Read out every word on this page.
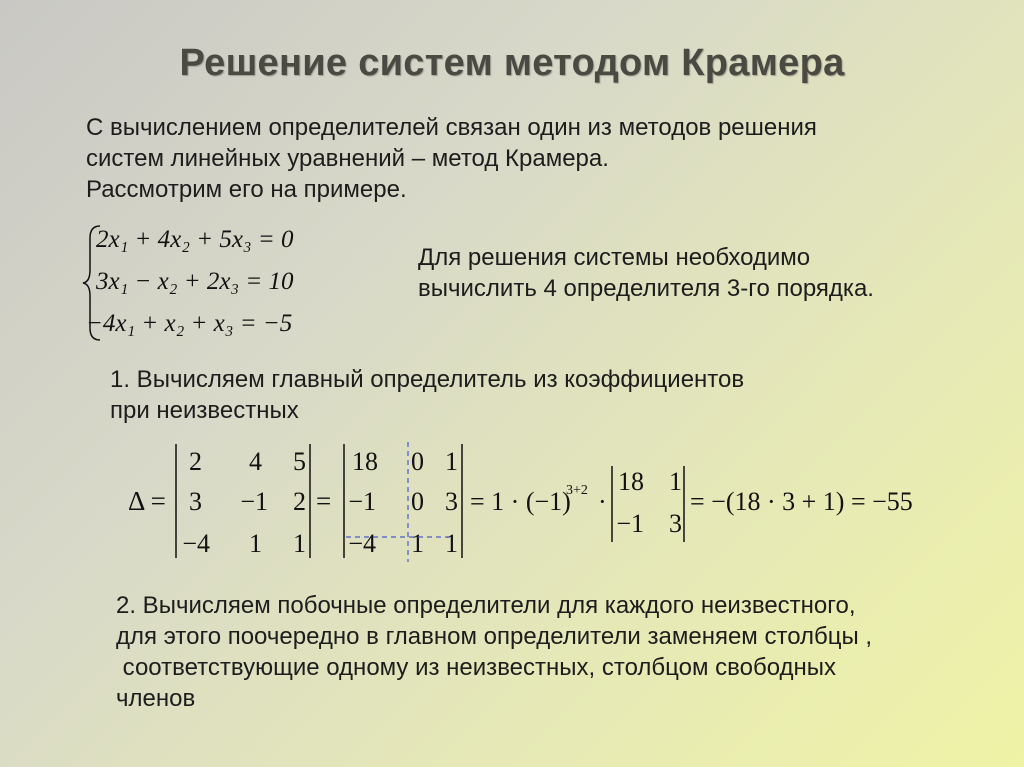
Решение систем методом Крамера
С вычислением определителей связан один из методов решения
систем линейных уравнений – метод Крамера.
Рассмотрим его на примере.
2x₁ + 4x₂ + 5x₃ = 0
3x₁ − x₂ + 2x₃ = 10
−4x₁ + x₂ + x₃ = −5
Для решения системы необходимо
вычислить 4 определителя 3-го порядка.
1. Вычисляем главный определитель из коэффициентов
при неизвестных
Δ =
2 4 5
3 −1 2
−4 1 1
=
18 0 1
−1 0 3
−4 1 1
= 1 · (−1)
3+2 ·
18 1
−1 3
= −(18 · 3 + 1) = −55
2. Вычисляем побочные определители для каждого неизвестного,
для этого поочередно в главном определители заменяем столбцы ,
соответствующие одному из неизвестных, столбцом свободных
членов
